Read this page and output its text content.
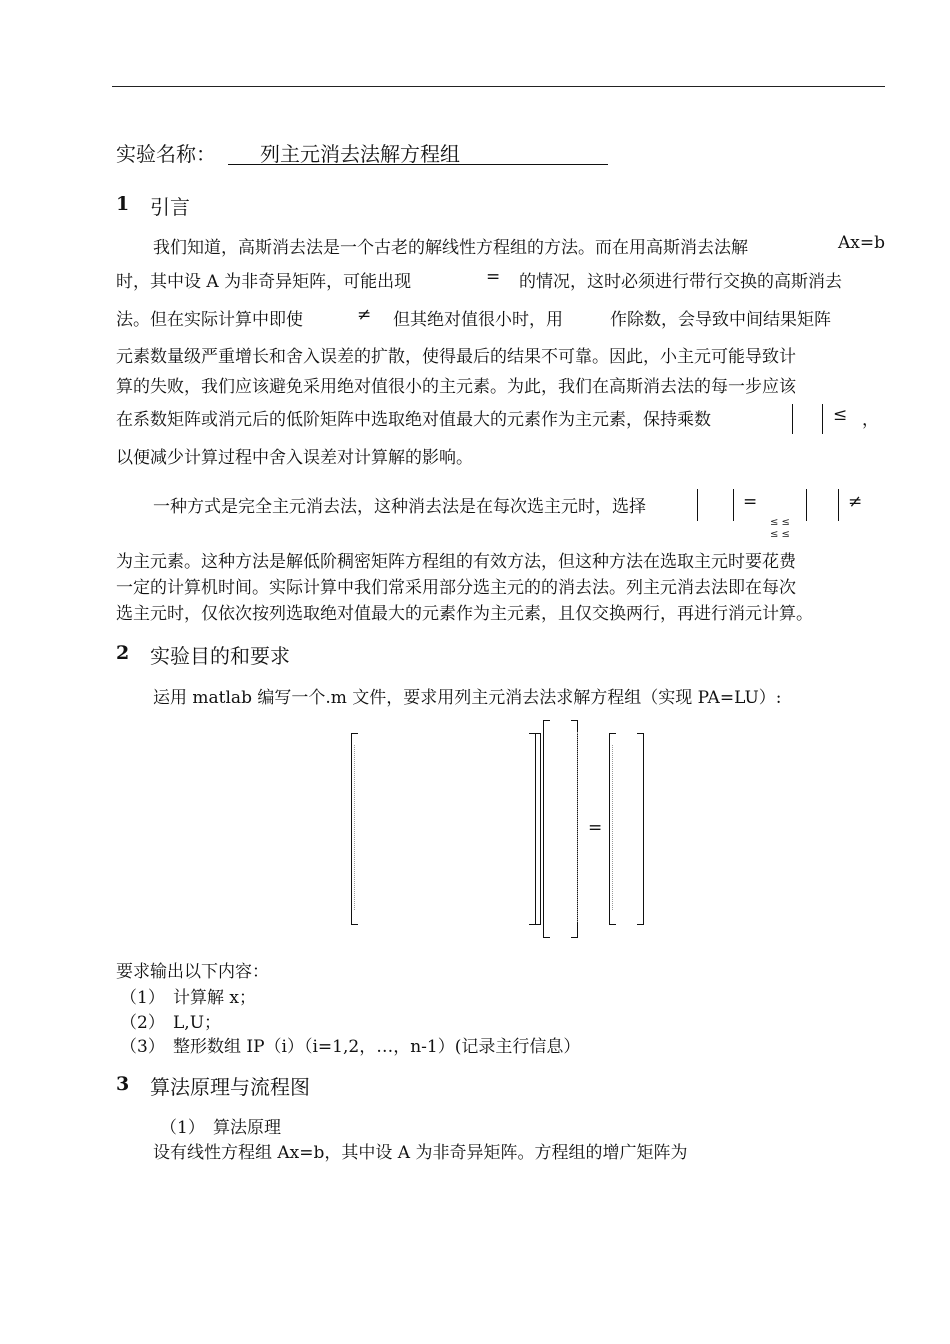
实验名称：	列主元消去法解方程组
1 引言
我们知道，高斯消去法是一个古老的解线性方程组的方法。而在用高斯消去法解	Ax=b
时，其中设 A 为非奇异矩阵，可能出现	= 的情况，这时必须进行带行交换的高斯消去
法。但在实际计算中即使	≠ 但其绝对值很小时，用	作除数，会导致中间结果矩阵
元素数量级严重增长和舍入误差的扩散，使得最后的结果不可靠。因此，小主元可能导致计
算的失败，我们应该避免采用绝对值很小的主元素。为此，我们在高斯消去法的每一步应该
在系数矩阵或消元后的低阶矩阵中选取绝对值最大的元素作为主元素，保持乘数	≤ ，
以便减少计算过程中舍入误差对计算解的影响。
一种方式是完全主元消去法，这种消去法是在每次选主元时，选择	=	≠
≤ ≤
≤ ≤
为主元素。这种方法是解低阶稠密矩阵方程组的有效方法，但这种方法在选取主元时要花费
一定的计算机时间。实际计算中我们常采用部分选主元的的消去法。列主元消去法即在每次
选主元时，仅依次按列选取绝对值最大的元素作为主元素，且仅交换两行，再进行消元计算。
2 实验目的和要求
运用 matlab 编写一个.m 文件，要求用列主元消去法求解方程组（实现 PA=LU）:
=
要求输出以下内容：
（1） 计算解 x；
（2） L,U；
（3） 整形数组 IP（i）（i=1,2，…，n-1）(记录主行信息）
3 算法原理与流程图
（1） 算法原理
设有线性方程组 Ax=b，其中设 A 为非奇异矩阵。方程组的增广矩阵为
